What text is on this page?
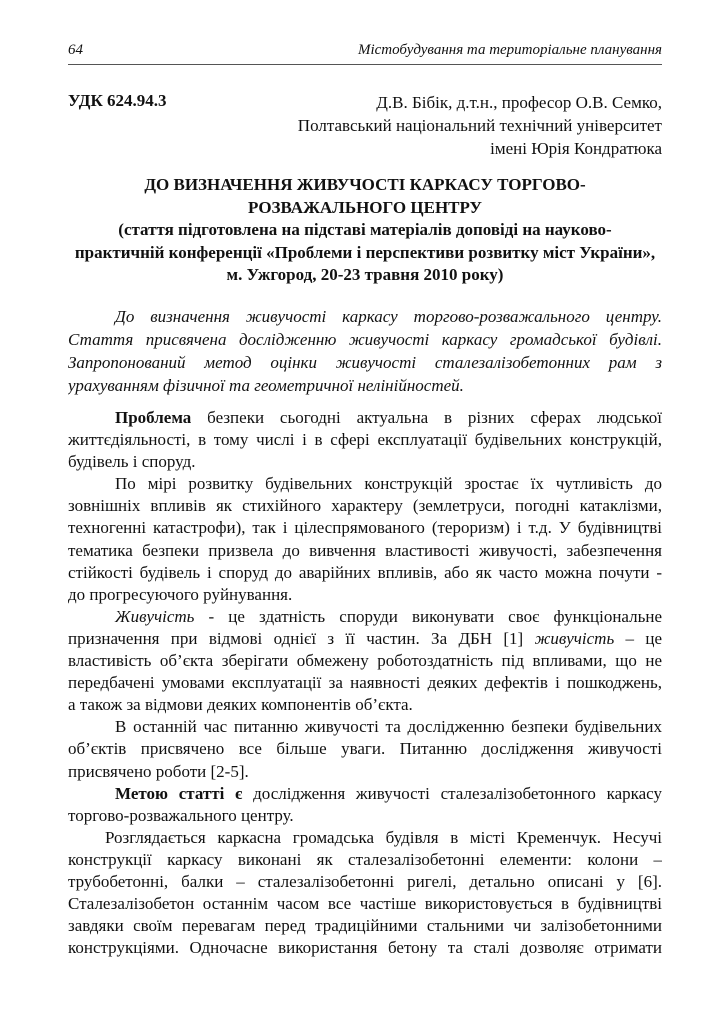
64	Містобудування та територіальне планування
УДК 624.94.3	Д.В. Бібік, д.т.н., професор О.В. Семко,
Полтавський національний технічний університет
імені Юрія Кондратюка
ДО ВИЗНАЧЕННЯ ЖИВУЧОСТІ КАРКАСУ ТОРГОВО-
РОЗВАЖАЛЬНОГО ЦЕНТРУ
(стаття підготовлена на підставі матеріалів доповіді на науково-
практичній конференції «Проблеми і перспективи розвитку міст України»,
м. Ужгород, 20-23 травня 2010 року)
До визначення живучості каркасу торгово-розважального центру.
Стаття присвячена дослідженню живучості каркасу громадської будівлі.
Запропонований метод оцінки живучості сталезалізобетонних рам з
урахуванням фізичної та геометричної нелінійностей.
Проблема безпеки сьогодні актуальна в різних сферах людської
життєдіяльності, в тому числі і в сфері експлуатації будівельних конструкцій,
будівель і споруд.
По мірі розвитку будівельних конструкцій зростає їх чутливість до
зовнішніх впливів як стихійного характеру (землетруси, погодні катаклізми,
техногенні катастрофи), так і цілеспрямованого (тероризм) і т.д. У будівництві
тематика безпеки призвела до вивчення властивості живучості, забезпечення
стійкості будівель і споруд до аварійних впливів, або як часто можна почути -
до прогресуючого руйнування.
Живучість - це здатність споруди виконувати своє функціональне
призначення при відмові однієї з її частин. За ДБН [1] живучість – це
властивість об’єкта зберігати обмежену роботоздатність під впливами, що не
передбачені умовами експлуатації за наявності деяких дефектів і пошкоджень,
а також за відмови деяких компонентів об’єкта.
В останній час питанню живучості та дослідженню безпеки будівельних
об’єктів присвячено все більше уваги. Питанню дослідження живучості
присвячено роботи [2-5].
Метою статті є дослідження живучості сталезалізобетонного каркасу
торгово-розважального центру.
Розглядається каркасна громадська будівля в місті Кременчук. Несучі
конструкції каркасу виконані як сталезалізобетонні елементи: колони –
трубобетонні, балки – сталезалізобетонні ригелі, детально описані у [6].
Сталезалізобетон останнім часом все частіше використовується в будівництві
завдяки своїм перевагам перед традиційними стальними чи залізобетонними
конструкціями. Одночасне використання бетону та сталі дозволяє отримати
